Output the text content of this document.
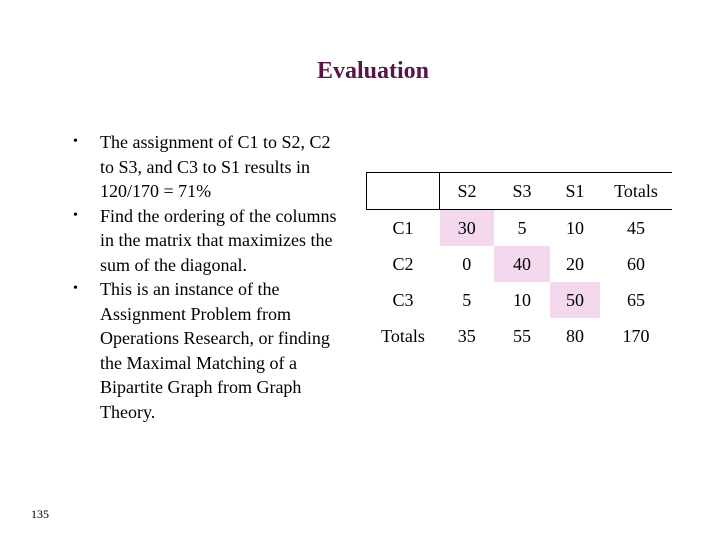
Evaluation
• The assignment of C1 to S2, C2 to S3, and C3 to S1 results in 120/170 = 71%
• Find the ordering of the columns in the matrix that maximizes the sum of the diagonal.
• This is an instance of the Assignment Problem from Operations Research, or finding the Maximal Matching of a Bipartite Graph from Graph Theory.
	S2	S3	S1	Totals
C1	30	5	10	45
C2	0	40	20	60
C3	5	10	50	65
Totals	35	55	80	170
135
